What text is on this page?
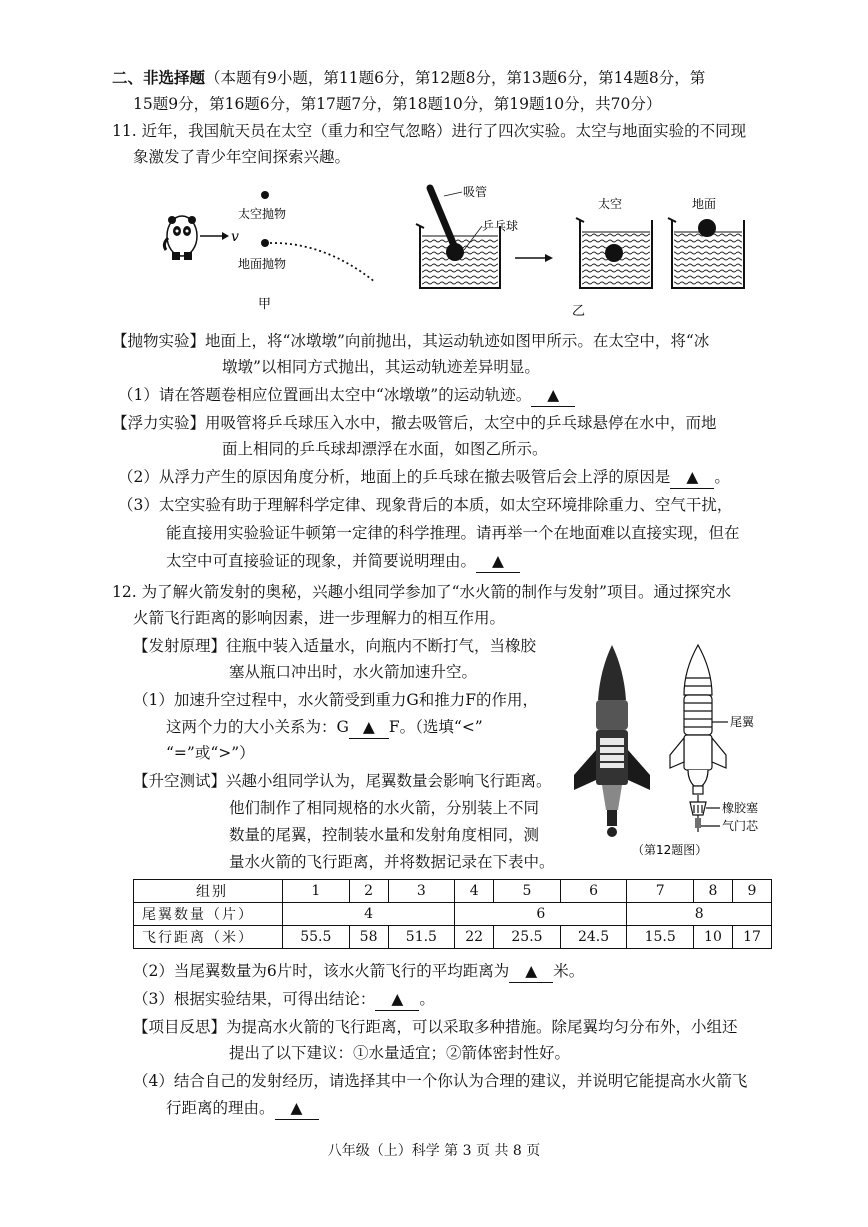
二、非选择题（本题有9小题，第11题6分，第12题8分，第13题6分，第14题8分，第
15题9分，第16题6分，第17题7分，第18题10分，第19题10分，共70分）
11. 近年，我国航天员在太空（重力和空气忽略）进行了四次实验。太空与地面实验的不同现
象激发了青少年空间探索兴趣。
v
太空抛物
地面抛物
甲
吸管
乒乓球
太空	地面
乙
【抛物实验】地面上，将“冰墩墩”向前抛出，其运动轨迹如图甲所示。在太空中，将“冰
墩墩”以相同方式抛出，其运动轨迹差异明显。
（1）请在答题卷相应位置画出太空中“冰墩墩”的运动轨迹。 ▲
【浮力实验】用吸管将乒乓球压入水中，撤去吸管后，太空中的乒乓球悬停在水中，而地
面上相同的乒乓球却漂浮在水面，如图乙所示。
（2）从浮力产生的原因角度分析，地面上的乒乓球在撤去吸管后会上浮的原因是 ▲ 。
（3）太空实验有助于理解科学定律、现象背后的本质，如太空环境排除重力、空气干扰，
能直接用实验验证牛顿第一定律的科学推理。请再举一个在地面难以直接实现，但在
太空中可直接验证的现象，并简要说明理由。 ▲
12. 为了解火箭发射的奥秘，兴趣小组同学参加了“水火箭的制作与发射”项目。通过探究水
火箭飞行距离的影响因素，进一步理解力的相互作用。
【发射原理】往瓶中装入适量水，向瓶内不断打气，当橡胶
塞从瓶口冲出时，水火箭加速升空。
（1）加速升空过程中，水火箭受到重力G和推力F的作用，
这两个力的大小关系为：G ▲ F。（选填“<”
“=”或“>”）
【升空测试】兴趣小组同学认为，尾翼数量会影响飞行距离。
他们制作了相同规格的水火箭，分别装上不同
数量的尾翼，控制装水量和发射角度相同，测
量水火箭的飞行距离，并将数据记录在下表中。
尾翼
橡胶塞
气门芯
（第12题图）
组别	1	2	3	4	5	6	7	8	9
尾翼数量（片）	4			6			8		
飞行距离（米）	55.5	58	51.5	22	25.5	24.5	15.5	10	17
（2）当尾翼数量为6片时，该水火箭飞行的平均距离为 ▲ 米。
（3）根据实验结果，可得出结论： ▲ 。
【项目反思】为提高水火箭的飞行距离，可以采取多种措施。除尾翼均匀分布外，小组还
提出了以下建议：①水量适宜；②箭体密封性好。
（4）结合自己的发射经历，请选择其中一个你认为合理的建议，并说明它能提高水火箭飞
行距离的理由。 ▲
八年级（上）科学 第 3 页 共 8 页
